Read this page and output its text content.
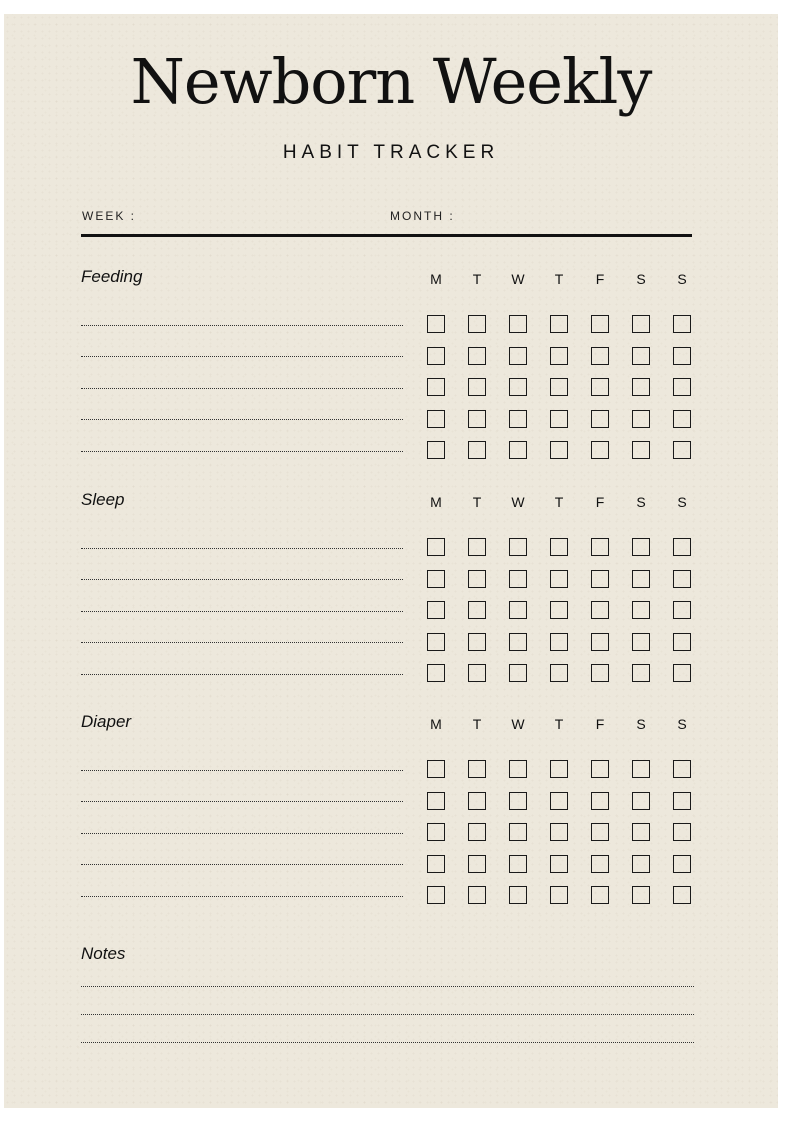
Newborn Weekly
HABIT TRACKER
WEEK :	MONTH :
Feeding	M	T	W	T	F	S	S
Sleep	M	T	W	T	F	S	S
Diaper	M	T	W	T	F	S	S
Notes
